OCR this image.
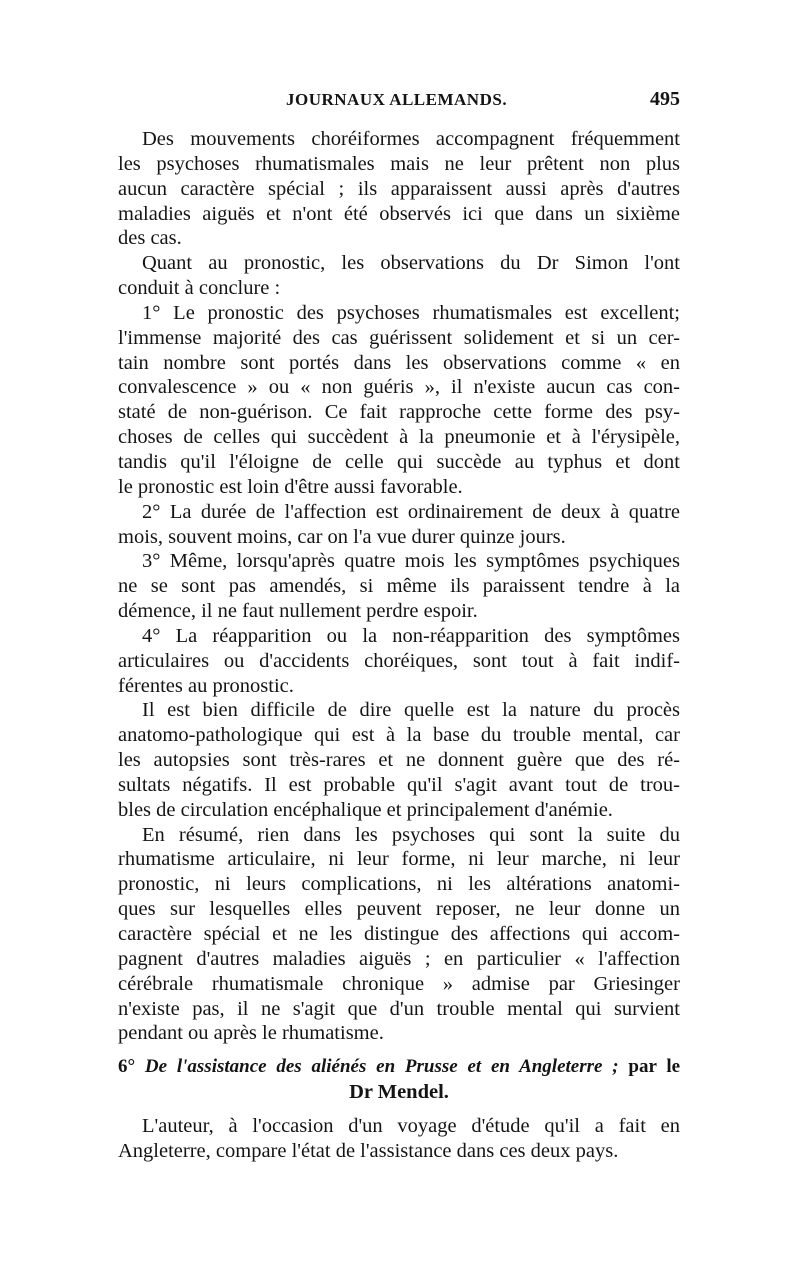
JOURNAUX ALLEMANDS.	495
Des mouvements choréiformes accompagnent fréquemment
les psychoses rhumatismales mais ne leur prêtent non plus
aucun caractère spécial ; ils apparaissent aussi après d'autres
maladies aiguës et n'ont été observés ici que dans un sixième
des cas.
Quant au pronostic, les observations du Dr Simon l'ont
conduit à conclure :
1° Le pronostic des psychoses rhumatismales est excellent;
l'immense majorité des cas guérissent solidement et si un cer-
tain nombre sont portés dans les observations comme « en
convalescence » ou « non guéris », il n'existe aucun cas con-
staté de non-guérison. Ce fait rapproche cette forme des psy-
choses de celles qui succèdent à la pneumonie et à l'érysipèle,
tandis qu'il l'éloigne de celle qui succède au typhus et dont
le pronostic est loin d'être aussi favorable.
2° La durée de l'affection est ordinairement de deux à quatre
mois, souvent moins, car on l'a vue durer quinze jours.
3° Même, lorsqu'après quatre mois les symptômes psychiques
ne se sont pas amendés, si même ils paraissent tendre à la
démence, il ne faut nullement perdre espoir.
4° La réapparition ou la non-réapparition des symptômes
articulaires ou d'accidents choréiques, sont tout à fait indif-
férentes au pronostic.
Il est bien difficile de dire quelle est la nature du procès
anatomo-pathologique qui est à la base du trouble mental, car
les autopsies sont très-rares et ne donnent guère que des ré-
sultats négatifs. Il est probable qu'il s'agit avant tout de trou-
bles de circulation encéphalique et principalement d'anémie.
En résumé, rien dans les psychoses qui sont la suite du
rhumatisme articulaire, ni leur forme, ni leur marche, ni leur
pronostic, ni leurs complications, ni les altérations anatomi-
ques sur lesquelles elles peuvent reposer, ne leur donne un
caractère spécial et ne les distingue des affections qui accom-
pagnent d'autres maladies aiguës ; en particulier « l'affection
cérébrale rhumatismale chronique » admise par Griesinger
n'existe pas, il ne s'agit que d'un trouble mental qui survient
pendant ou après le rhumatisme.
6° De l'assistance des aliénés en Prusse et en Angleterre ; par le
Dr Mendel.
L'auteur, à l'occasion d'un voyage d'étude qu'il a fait en
Angleterre, compare l'état de l'assistance dans ces deux pays.
